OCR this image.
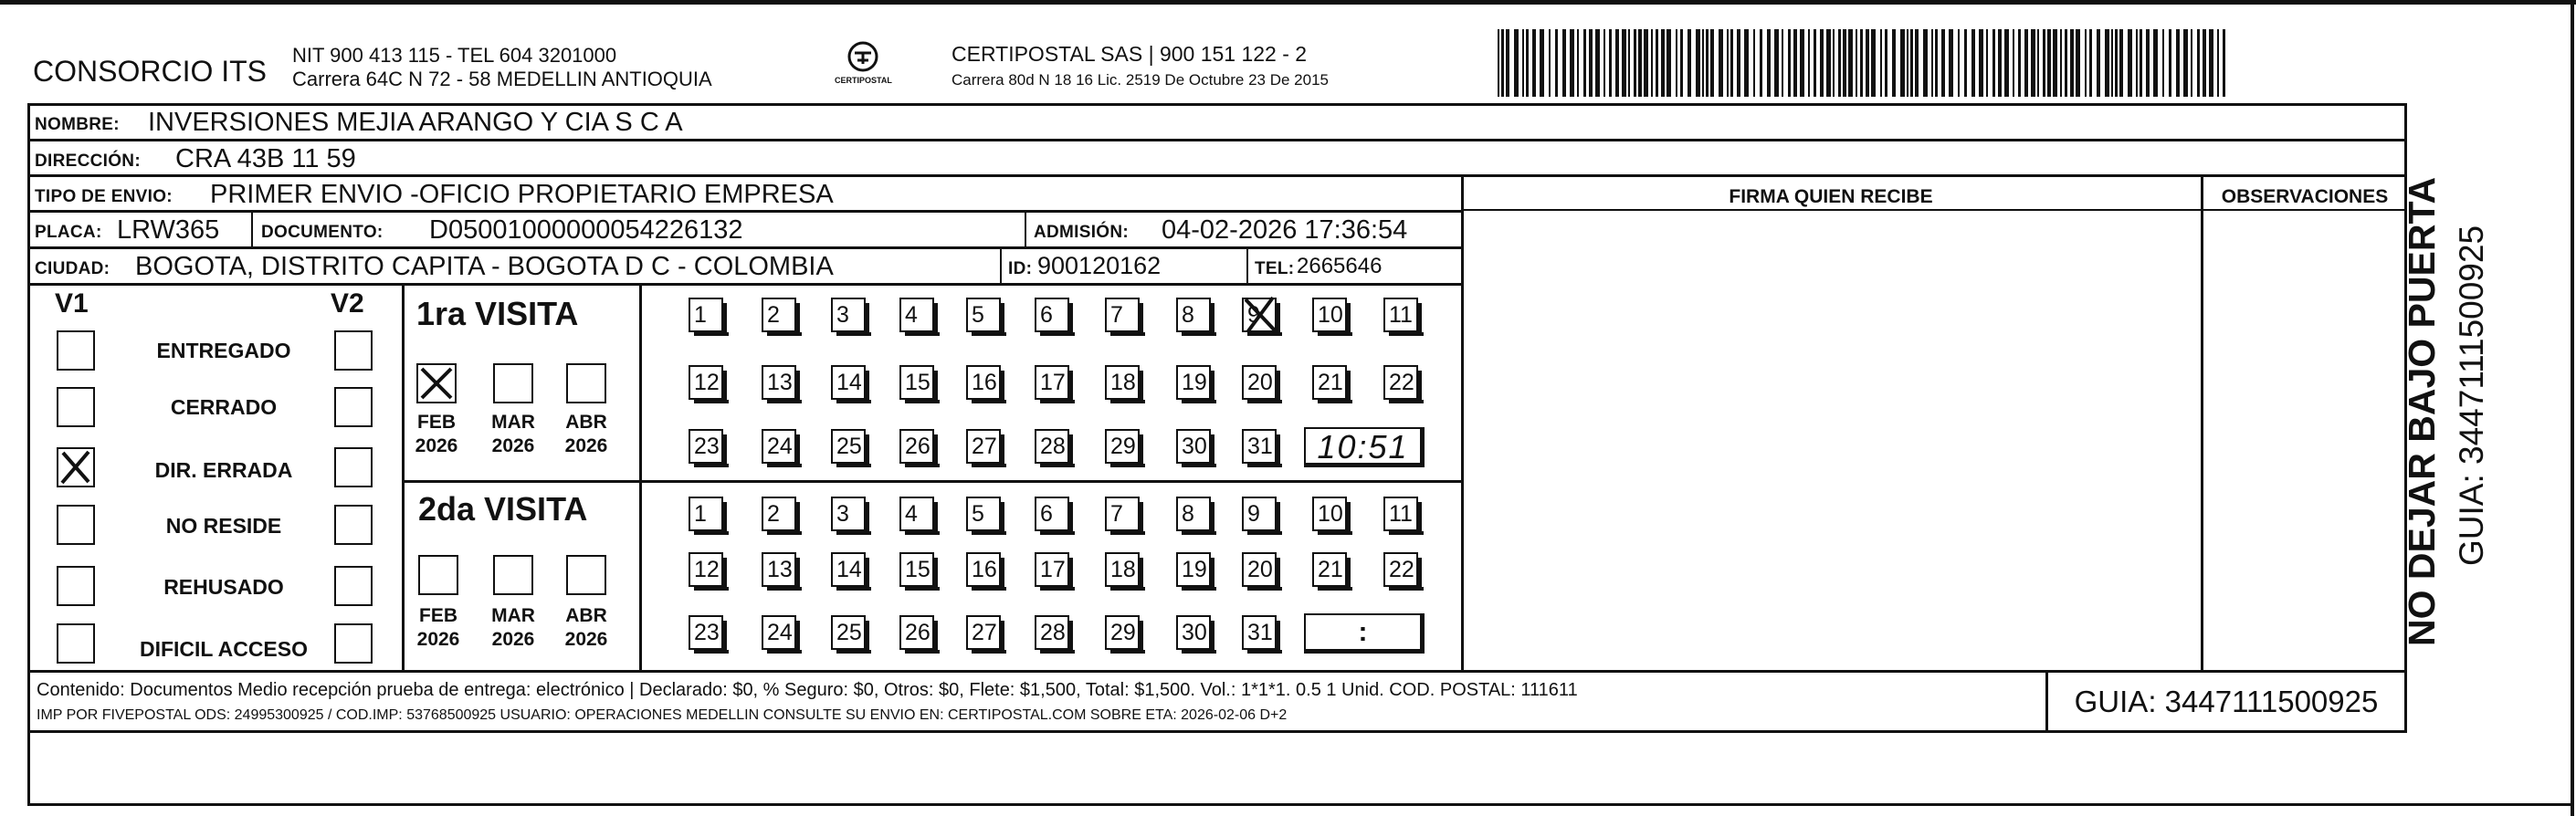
CONSORCIO ITS NIT 900 413 115 - TEL 604 3201000
Carrera 64C N 72 - 58 MEDELLIN ANTIOQUIA	CERTIPOSTAL
CERTIPOSTAL SAS | 900 151 122 - 2
Carrera 80d N 18 16 Lic. 2519 De Octubre 23 De 2015
NOMBRE: INVERSIONES MEJIA ARANGO Y CIA S C A
DIRECCIÓN: CRA 43B 11 59
TIPO DE ENVIO: PRIMER ENVIO -OFICIO PROPIETARIO EMPRESA
PLACA: LRW365 DOCUMENTO: D05001000000054226132	ADMISIÓN: 04-02-2026 17:36:54
CIUDAD: BOGOTA, DISTRITO CAPITA - BOGOTA D C - COLOMBIA	ID: 900120162	TEL: 2665646
FIRMA QUIEN RECIBE	OBSERVACIONES
V1	V2
ENTREGADO
CERRADO
DIR. ERRADA
NO RESIDE
REHUSADO
DIFICIL ACCESO
1ra VISITA
FEB
2026
MAR
2026
ABR
2026
1	2	3	4	5	6	7	8	9	10 11
12 13 14 15 16 17 18 19 20 21 22
23 24 25 26 27 28 29 30 31	10:51
2da VISITA
FEB
2026
MAR
2026
ABR
2026
1	2	3	4	5	6	7	8	9	10 11
12 13 14 15 16 17 18 19 20 21 22
23 24 25 26 27 28 29 30 31	:
Contenido: Documentos Medio recepción prueba de entrega: electrónico | Declarado: $0, % Seguro: $0, Otros: $0, Flete: $1,500, Total: $1,500. Vol.: 1*1*1. 0.5 1 Unid. COD. POSTAL: 111611
IMP POR FIVEPOSTAL ODS: 24995300925 / COD.IMP: 53768500925 USUARIO: OPERACIONES MEDELLIN CONSULTE SU ENVIO EN: CERTIPOSTAL.COM SOBRE ETA: 2026-02-06 D+2	GUIA: 3447111500925
NO DEJAR BAJO PUERTA GUIA: 3447111500925
